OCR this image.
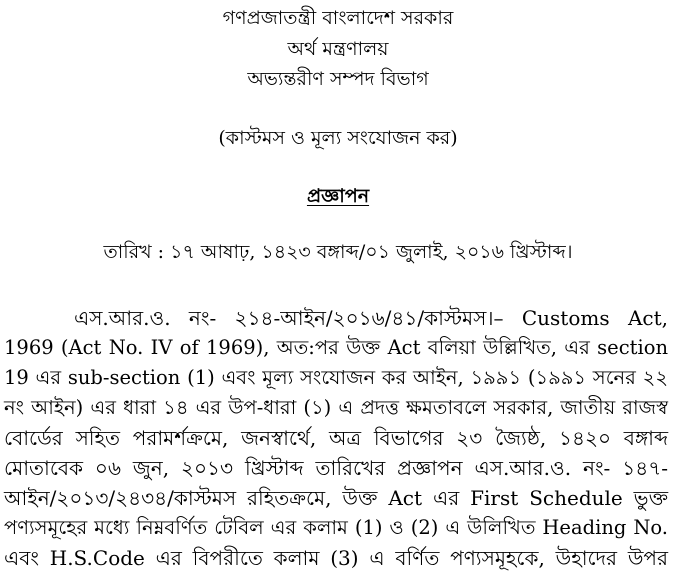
গণপ্রজাতন্ত্রী বাংলাদেশ সরকার
অর্থ মন্ত্রণালয়
অভ্যন্তরীণ সম্পদ বিভাগ
(কাস্টমস ও মূল্য সংযোজন কর)
প্রজ্ঞাপন
তারিখ : ১৭ আষাঢ়, ১৪২৩ বঙ্গাব্দ/০১ জুলাই, ২০১৬ খ্রিস্টাব্দ।
এস.আর.ও. নং- ২১৪-আইন/২০১৬/৪১/কাস্টমস।– Customs Act,
1969 (Act No. IV of 1969), অত:পর উক্ত Act বলিয়া উল্লিখিত, এর section
19 এর sub-section (1) এবং মূল্য সংযোজন কর আইন, ১৯৯১ (১৯৯১ সনের ২২
নং আইন) এর ধারা ১৪ এর উপ-ধারা (১) এ প্রদত্ত ক্ষমতাবলে সরকার, জাতীয় রাজস্ব
বোর্ডের সহিত পরামর্শক্রমে, জনস্বার্থে, অত্র বিভাগের ২৩ জ্যৈষ্ঠ, ১৪২০ বঙ্গাব্দ
মোতাবেক ০৬ জুন, ২০১৩ খ্রিস্টাব্দ তারিখের প্রজ্ঞাপন এস.আর.ও. নং- ১৪৭-
আইন/২০১৩/২৪৩৪/কাস্টমস রহিতক্রমে, উক্ত Act এর First Schedule ভুক্ত
পণ্যসমূহের মধ্যে নিম্নবর্ণিত টেবিল এর কলাম (1) ও (2) এ উলিখিত Heading No.
এবং H.S.Code এর বিপরীতে কলাম (3) এ বর্ণিত পণ্যসমূহকে, উহাদের উপর
